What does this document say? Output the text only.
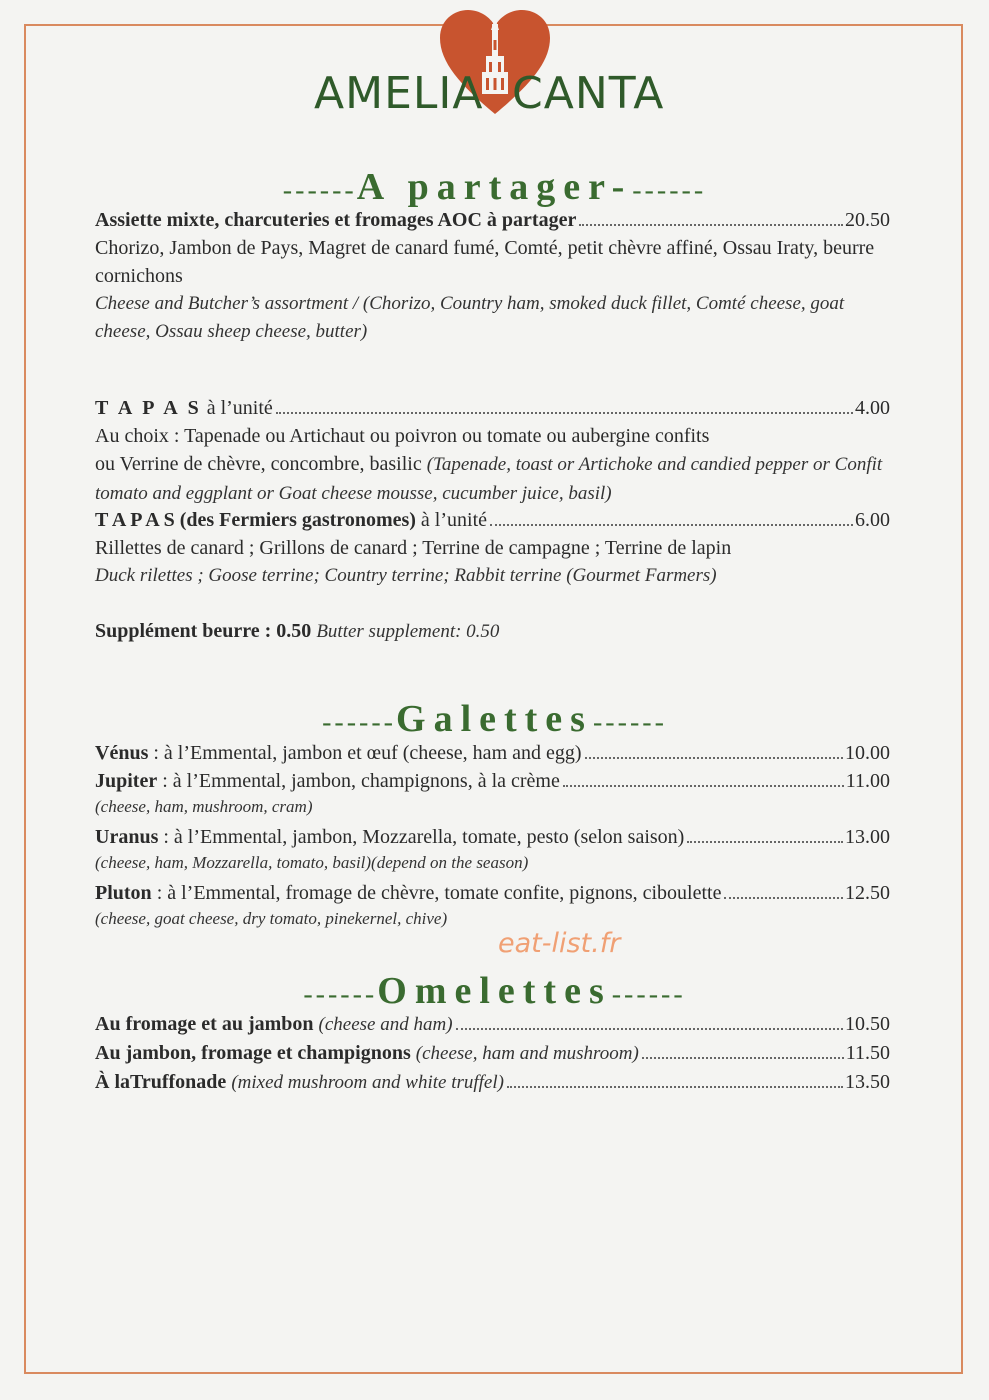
AMELIA CANTA
------A partager-------
Assiette mixte, charcuteries et fromages AOC à partager	20.50
Chorizo, Jambon de Pays, Magret de canard fumé, Comté, petit chèvre affiné, Ossau Iraty, beurre cornichons
Cheese and Butcher’s assortment / (Chorizo, Country ham, smoked duck fillet, Comté cheese, goat cheese, Ossau sheep cheese, butter)
T A P A S
à l’unité	4.00
Au choix : Tapenade ou Artichaut ou poivron ou tomate ou aubergine confits
ou Verrine de chèvre, concombre, basilic (Tapenade, toast or Artichoke and candied pepper or Confit tomato and eggplant or Goat cheese mousse, cucumber juice, basil)
T A P A S (des Fermiers gastronomes)
à l’unité	6.00
Rillettes de canard ; Grillons de canard ; Terrine de campagne ; Terrine de lapin
Duck rilettes ; Goose terrine; Country terrine; Rabbit terrine (Gourmet Farmers)
Supplément beurre : 0.50 Butter supplement: 0.50
------Galettes------
Vénus : à l’Emmental, jambon et œuf (cheese, ham and egg)	10.00
Jupiter : à l’Emmental, jambon, champignons, à la crème	11.00
(cheese, ham, mushroom, cram)
Uranus : à l’Emmental, jambon, Mozzarella, tomate, pesto (selon saison)	13.00
(cheese, ham, Mozzarella, tomato, basil)(depend on the season)
Pluton : à l’Emmental, fromage de chèvre, tomate confite, pignons, ciboulette	12.50
(cheese, goat cheese, dry tomato, pinekernel, chive)
eat-list.fr
------Omelettes------
Au fromage et au jambon (cheese and ham)	10.50
Au jambon, fromage et champignons (cheese, ham and mushroom)	11.50
À laTruffonade (mixed mushroom and white truffel)	13.50
